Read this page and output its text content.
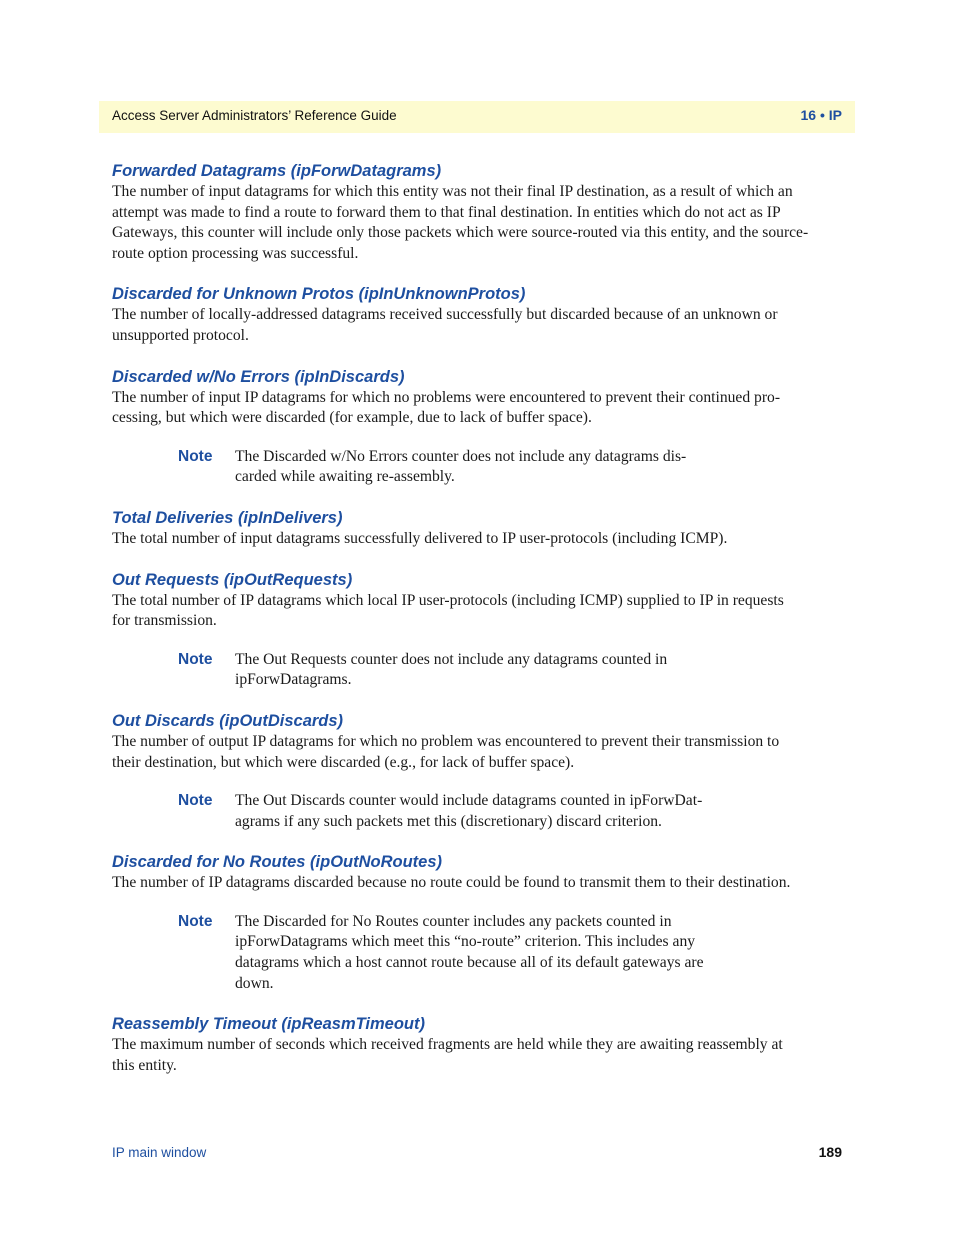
Access Server Administrators’ Reference Guide	16 • IP
Forwarded Datagrams (ipForwDatagrams)

The number of input datagrams for which this entity was not their final IP destination, as a result of which an
attempt was made to find a route to forward them to that final destination. In entities which do not act as IP
Gateways, this counter will include only those packets which were source-routed via this entity, and the source-
route option processing was successful.

Discarded for Unknown Protos (ipInUnknownProtos)

The number of locally-addressed datagrams received successfully but discarded because of an unknown or
unsupported protocol.

Discarded w/No Errors (ipInDiscards)

The number of input IP datagrams for which no problems were encountered to prevent their continued pro-
cessing, but which were discarded (for example, due to lack of buffer space).

Note	The Discarded w/No Errors counter does not include any datagrams dis-
carded while awaiting re-assembly.
Total Deliveries (ipInDelivers)

The total number of input datagrams successfully delivered to IP user-protocols (including ICMP).

Out Requests (ipOutRequests)

The total number of IP datagrams which local IP user-protocols (including ICMP) supplied to IP in requests
for transmission.

Note	The Out Requests counter does not include any datagrams counted in
ipForwDatagrams.
Out Discards (ipOutDiscards)

The number of output IP datagrams for which no problem was encountered to prevent their transmission to
their destination, but which were discarded (e.g., for lack of buffer space).

Note	The Out Discards counter would include datagrams counted in ipForwDat-
agrams if any such packets met this (discretionary) discard criterion.
Discarded for No Routes (ipOutNoRoutes)

The number of IP datagrams discarded because no route could be found to transmit them to their destination.

Note	The Discarded for No Routes counter includes any packets counted in
ipForwDatagrams which meet this “no-route” criterion. This includes any
datagrams which a host cannot route because all of its default gateways are
down.
Reassembly Timeout (ipReasmTimeout)

The maximum number of seconds which received fragments are held while they are awaiting reassembly at
this entity.

IP main window	189
